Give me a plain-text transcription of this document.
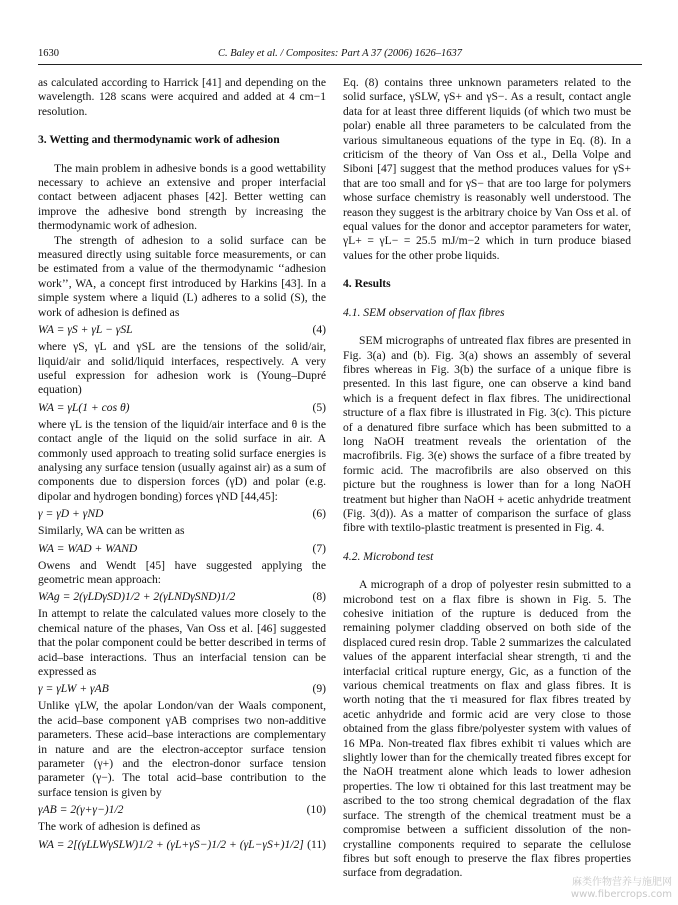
1630	C. Baley et al. / Composites: Part A 37 (2006) 1626–1637

as calculated according to Harrick [41] and depending on the wavelength. 128 scans were acquired and added at 4 cm−1 resolution.

3. Wetting and thermodynamic work of adhesion

The main problem in adhesive bonds is a good wettability necessary to achieve an extensive and proper interfacial contact between adjacent phases [42]. Better wetting can improve the adhesive bond strength by increasing the thermodynamic work of adhesion.

The strength of adhesion to a solid surface can be measured directly using suitable force measurements, or can be estimated from a value of the thermodynamic ‘‘adhesion work’’, WA, a concept first introduced by Harkins [43]. In a simple system where a liquid (L) adheres to a solid (S), the work of adhesion is defined as

WA = γS + γL − γSL	(4)

where γS, γL and γSL are the tensions of the solid/air, liquid/air and solid/liquid interfaces, respectively. A very useful expression for adhesion work is (Young–Dupré equation)

WA = γL(1 + cos θ)	(5)

where γL is the tension of the liquid/air interface and θ is the contact angle of the liquid on the solid surface in air. A commonly used approach to treating solid surface energies is analysing any surface tension (usually against air) as a sum of components due to dispersion forces (γD) and polar (e.g. dipolar and hydrogen bonding) forces γND [44,45]:

γ = γD + γND	(6)

Similarly, WA can be written as

WA = WAD + WAND	(7)

Owens and Wendt [45] have suggested applying the geometric mean approach:

WAg = 2(γLDγSD)1/2 + 2(γLNDγSND)1/2	(8)

In attempt to relate the calculated values more closely to the chemical nature of the phases, Van Oss et al. [46] suggested that the polar component could be better described in terms of acid–base interactions. Thus an interfacial tension can be expressed as

γ = γLW + γAB	(9)

Unlike γLW, the apolar London/van der Waals component, the acid–base component γAB comprises two non-additive parameters. These acid–base interactions are complementary in nature and are the electron-acceptor surface tension parameter (γ+) and the electron-donor surface tension parameter (γ−). The total acid–base contribution to the surface tension is given by

γAB = 2(γ+γ−)1/2	(10)

The work of adhesion is defined as

WA = 2[(γLLWγSLW)1/2 + (γL+γS−)1/2 + (γL−γS+)1/2] (11)

Eq. (8) contains three unknown parameters related to the solid surface, γSLW, γS+ and γS−. As a result, contact angle data for at least three different liquids (of which two must be polar) enable all three parameters to be calculated from the various simultaneous equations of the type in Eq. (8). In a criticism of the theory of Van Oss et al., Della Volpe and Siboni [47] suggest that the method produces values for γS+ that are too small and for γS− that are too large for polymers whose surface chemistry is reasonably well understood. The reason they suggest is the arbitrary choice by Van Oss et al. of equal values for the donor and acceptor parameters for water, γL+ = γL− = 25.5 mJ/m−2 which in turn produce biased values for the other probe liquids.

4. Results

4.1. SEM observation of flax fibres

SEM micrographs of untreated flax fibres are presented in Fig. 3(a) and (b). Fig. 3(a) shows an assembly of several fibres whereas in Fig. 3(b) the surface of a unique fibre is presented. In this last figure, one can observe a kind band which is a frequent defect in flax fibres. The unidirectional structure of a flax fibre is illustrated in Fig. 3(c). This picture of a denatured fibre surface which has been submitted to a long NaOH treatment reveals the orientation of the macrofibrils. Fig. 3(e) shows the surface of a fibre treated by formic acid. The macrofibrils are also observed on this picture but the roughness is lower than for a long NaOH treatment but higher than NaOH + acetic anhydride treatment (Fig. 3(d)). As a matter of comparison the surface of glass fibre with textilo-plastic treatment is presented in Fig. 4.

4.2. Microbond test

A micrograph of a drop of polyester resin submitted to a microbond test on a flax fibre is shown in Fig. 5. The cohesive initiation of the rupture is deduced from the remaining polymer cladding observed on both side of the displaced cured resin drop. Table 2 summarizes the calculated values of the apparent interfacial shear strength, τi and the interfacial critical rupture energy, Gic, as a function of the various chemical treatments on flax and glass fibres. It is worth noting that the τi measured for flax fibres treated by acetic anhydride and formic acid are very close to those obtained from the glass fibre/polyester system with values of 16 MPa. Non-treated flax fibres exhibit τi values which are slightly lower than for the chemically treated fibres except for the NaOH treatment alone which leads to lower adhesion properties. The low τi obtained for this last treatment may be ascribed to the too strong chemical degradation of the flax surface. The strength of the chemical treatment must be a compromise between a sufficient dissolution of the non-crystalline components required to separate the cellulose fibres but soft enough to preserve the flax fibres properties surface from degradation.

麻类作物营养与施肥网
www.fibercrops.com
